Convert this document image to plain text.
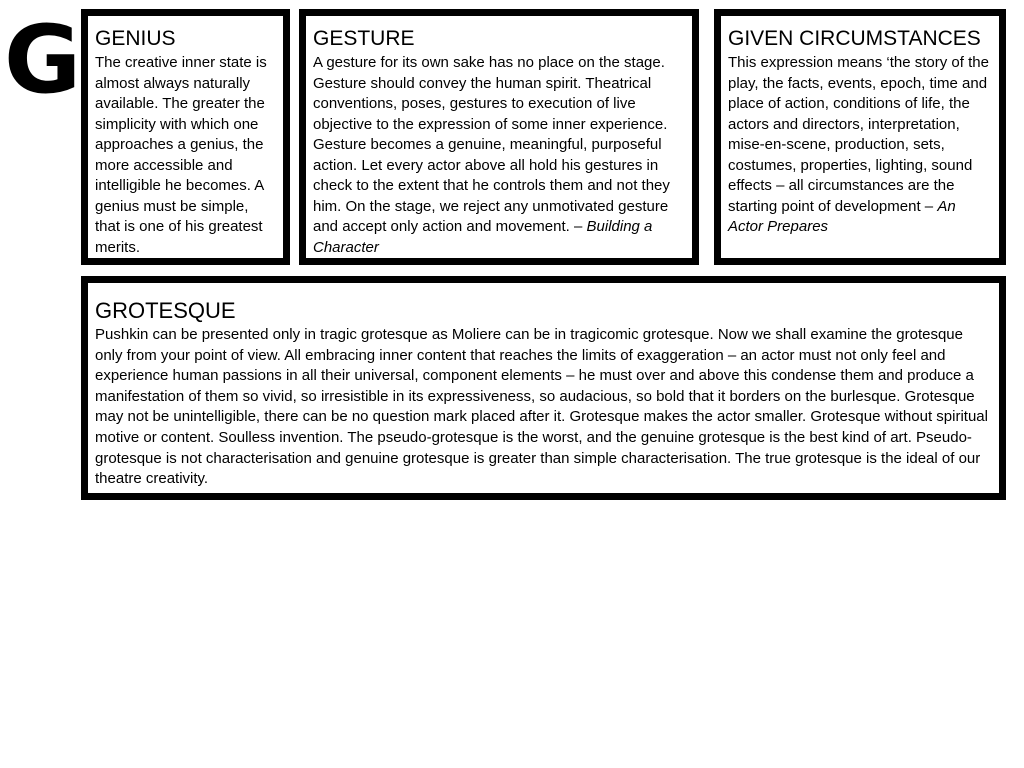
G GENIUS

The creative inner state is almost always naturally available. The greater the simplicity with which one approaches a genius, the more accessible and intelligible he becomes. A genius must be simple, that is one of his greatest merits.

GESTURE

A gesture for its own sake has no place on the stage. Gesture should convey the human spirit. Theatrical conventions, poses, gestures to execution of live objective to the expression of some inner experience. Gesture becomes a genuine, meaningful, purposeful action. Let every actor above all hold his gestures in check to the extent that he controls them and not they him. On the stage, we reject any unmotivated gesture and accept only action and movement. – Building a Character

GIVEN CIRCUMSTANCES

This expression means ‘the story of the play, the facts, events, epoch, time and place of action, conditions of life, the actors and directors, interpretation, mise-en-scene, production, sets, costumes, properties, lighting, sound effects – all circumstances are the starting point of development – An Actor Prepares

GROTESQUE

Pushkin can be presented only in tragic grotesque as Moliere can be in tragicomic grotesque. Now we shall examine the grotesque only from your point of view. All embracing inner content that reaches the limits of exaggeration – an actor must not only feel and experience human passions in all their universal, component elements – he must over and above this condense them and produce a manifestation of them so vivid, so irresistible in its expressiveness, so audacious, so bold that it borders on the burlesque. Grotesque may not be unintelligible, there can be no question mark placed after it. Grotesque makes the actor smaller. Grotesque without spiritual motive or content. Soulless invention. The pseudo-grotesque is the worst, and the genuine grotesque is the best kind of art. Pseudo-grotesque is not characterisation and genuine grotesque is greater than simple characterisation. The true grotesque is the ideal of our theatre creativity.
